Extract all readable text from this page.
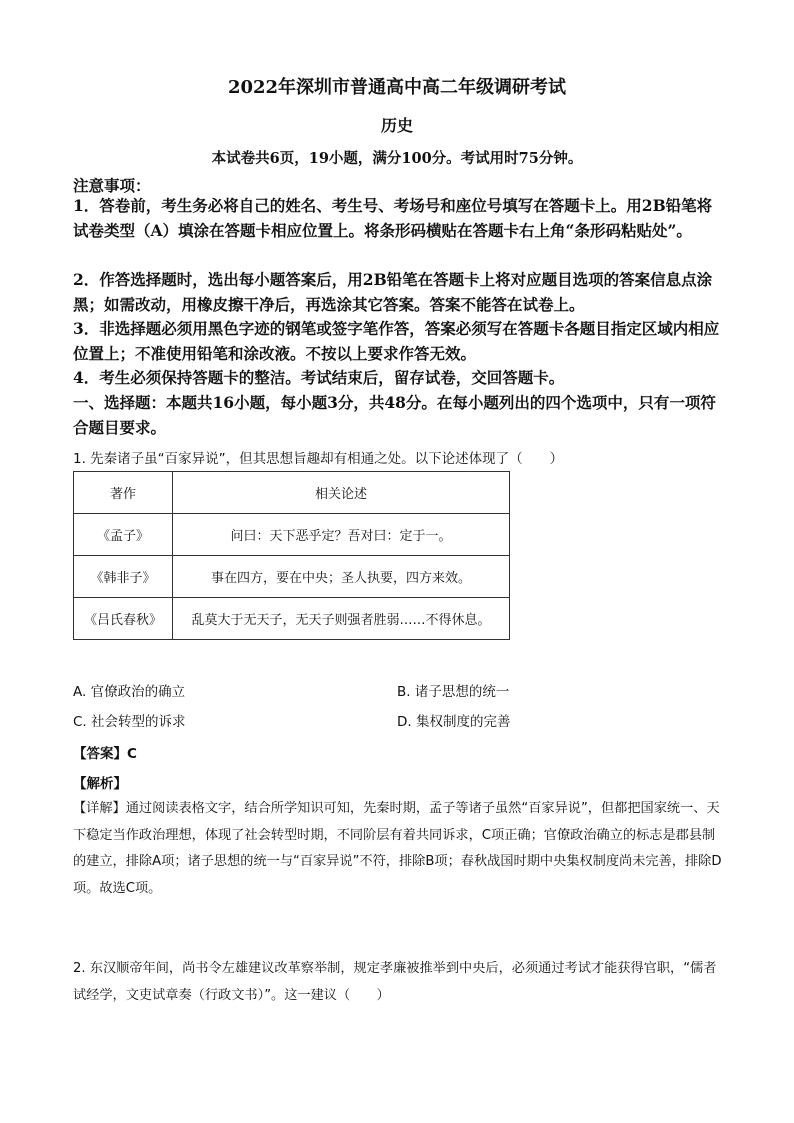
2022年深圳市普通高中高二年级调研考试
历史
本试卷共6页，19小题，满分100分。考试用时75分钟。
注意事项：
1．答卷前，考生务必将自己的姓名、考生号、考场号和座位号填写在答题卡上。用2B铅笔将试卷类型（A）填涂在答题卡相应位置上。将条形码横贴在答题卡右上角“条形码粘贴处”。
2．作答选择题时，选出每小题答案后，用2B铅笔在答题卡上将对应题目选项的答案信息点涂黑；如需改动，用橡皮擦干净后，再选涂其它答案。答案不能答在试卷上。
3．非选择题必须用黑色字迹的钢笔或签字笔作答，答案必须写在答题卡各题目指定区域内相应位置上；不准使用铅笔和涂改液。不按以上要求作答无效。
4．考生必须保持答题卡的整洁。考试结束后，留存试卷，交回答题卡。
一、选择题：本题共16小题，每小题3分，共48分。在每小题列出的四个选项中，只有一项符合题目要求。
1. 先秦诸子虽“百家异说”，但其思想旨趣却有相通之处。以下论述体现了（　　）
著作	相关论述
《孟子》	问曰：天下恶乎定？吾对曰：定于一。
《韩非子》	事在四方，要在中央；圣人执要，四方来效。
《吕氏春秋》	乱莫大于无天子，无天子则强者胜弱……不得休息。
A. 官僚政治的确立	B. 诸子思想的统一
C. 社会转型的诉求	D. 集权制度的完善
【答案】C
【解析】
【详解】通过阅读表格文字，结合所学知识可知，先秦时期，孟子等诸子虽然“百家异说”，但都把国家统一、天下稳定当作政治理想，体现了社会转型时期，不同阶层有着共同诉求，C项正确；官僚政治确立的标志是郡县制的建立，排除A项；诸子思想的统一与“百家异说”不符，排除B项；春秋战国时期中央集权制度尚未完善，排除D项。故选C项。
2. 东汉顺帝年间，尚书令左雄建议改革察举制，规定孝廉被推举到中央后，必须通过考试才能获得官职，“儒者试经学，文吏试章奏（行政文书）”。这一建议（　　）
